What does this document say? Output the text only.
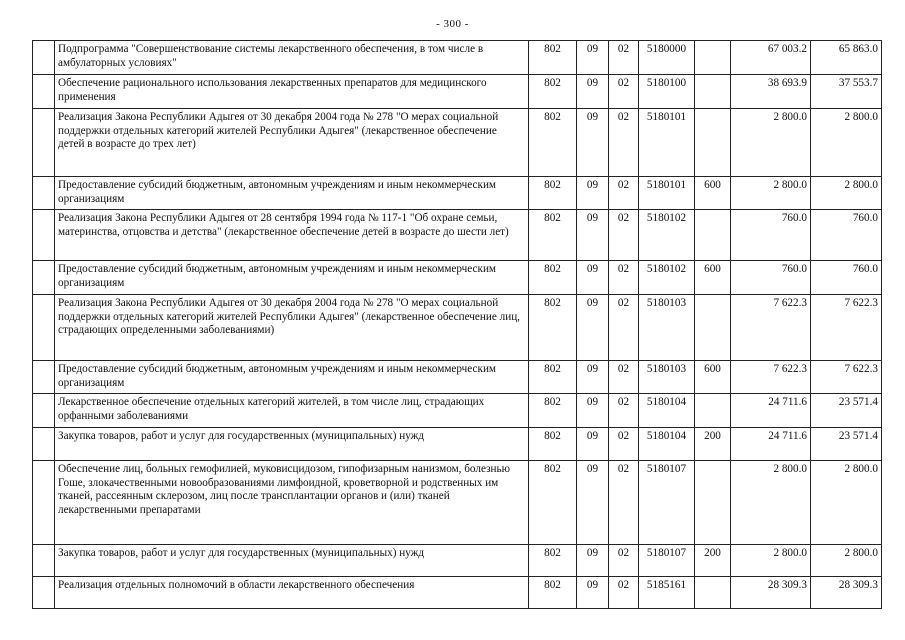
- 300 -
	Подпрограмма "Совершенствование системы лекарственного обеспечения, в том числе в амбулаторных условиях"	802	09	02	5180000		67 003.2	65 863.0
	Обеспечение рационального использования лекарственных препаратов для медицинского применения	802	09	02	5180100		38 693.9	37 553.7
	Реализация Закона Республики Адыгея от 30 декабря 2004 года № 278 "О мерах социальной поддержки отдельных категорий жителей Республики Адыгея" (лекарственное обеспечение детей в возрасте до трех лет)	802	09	02	5180101		2 800.0	2 800.0
	Предоставление субсидий бюджетным, автономным учреждениям и иным некоммерческим организациям	802	09	02	5180101	600	2 800.0	2 800.0
	Реализация Закона Республики Адыгея от 28 сентября 1994 года № 117-1 "Об охране семьи, материнства, отцовства и детства" (лекарственное обеспечение детей в возрасте до шести лет)	802	09	02	5180102		760.0	760.0
	Предоставление субсидий бюджетным, автономным учреждениям и иным некоммерческим организациям	802	09	02	5180102	600	760.0	760.0
	Реализация Закона Республики Адыгея от 30 декабря 2004 года № 278 "О мерах социальной поддержки отдельных категорий жителей Республики Адыгея" (лекарственное обеспечение лиц, страдающих определенными заболеваниями)	802	09	02	5180103		7 622.3	7 622.3
	Предоставление субсидий бюджетным, автономным учреждениям и иным некоммерческим организациям	802	09	02	5180103	600	7 622.3	7 622.3
	Лекарственное обеспечение отдельных категорий жителей, в том числе лиц, страдающих орфанными заболеваниями	802	09	02	5180104		24 711.6	23 571.4
	Закупка товаров, работ и услуг для государственных (муниципальных) нужд	802	09	02	5180104	200	24 711.6	23 571.4
	Обеспечение лиц, больных гемофилией, муковисцидозом, гипофизарным нанизмом, болезнью Гоше, злокачественными новообразованиями лимфоидной, кроветворной и родственных им тканей, рассеянным склерозом, лиц после трансплантации органов и (или) тканей лекарственными препаратами	802	09	02	5180107		2 800.0	2 800.0
	Закупка товаров, работ и услуг для государственных (муниципальных) нужд	802	09	02	5180107	200	2 800.0	2 800.0
	Реализация отдельных полномочий в области лекарственного обеспечения	802	09	02	5185161		28 309.3	28 309.3
